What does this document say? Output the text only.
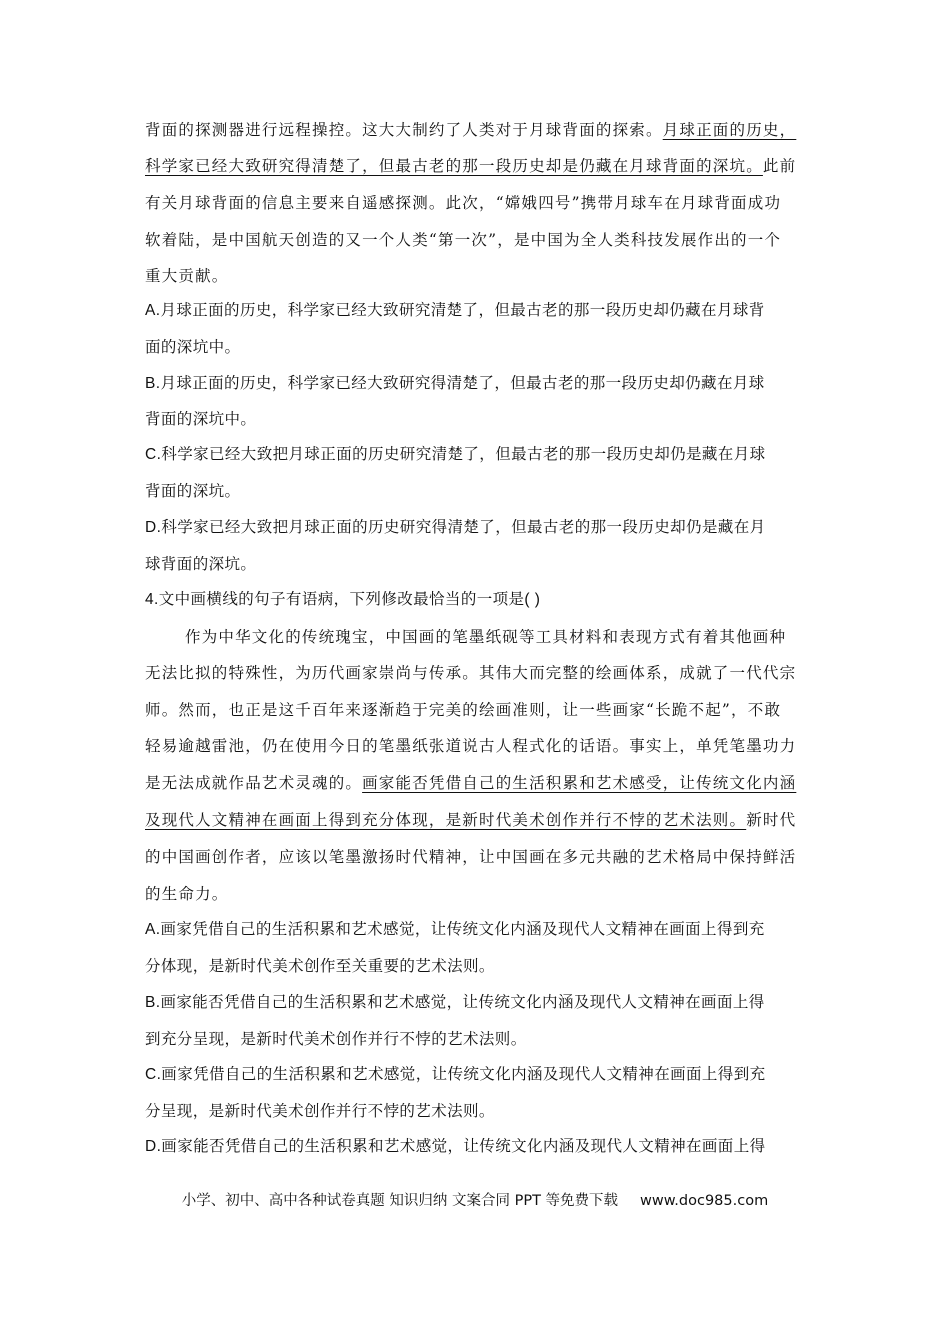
背面的探测器进行远程操控。这大大制约了人类对于月球背面的探索。月球正面的历史，
科学家已经大致研究得清楚了，但最古老的那一段历史却是仍藏在月球背面的深坑。此前
有关月球背面的信息主要来自遥感探测。此次，“嫦娥四号”携带月球车在月球背面成功
软着陆，是中国航天创造的又一个人类“第一次”，是中国为全人类科技发展作出的一个
重大贡献。
A.月球正面的历史，科学家已经大致研究清楚了，但最古老的那一段历史却仍藏在月球背
面的深坑中。
B.月球正面的历史，科学家已经大致研究得清楚了，但最古老的那一段历史却仍藏在月球
背面的深坑中。
C.科学家已经大致把月球正面的历史研究清楚了，但最古老的那一段历史却仍是藏在月球
背面的深坑。
D.科学家已经大致把月球正面的历史研究得清楚了，但最古老的那一段历史却仍是藏在月
球背面的深坑。
4.文中画横线的句子有语病，下列修改最恰当的一项是( )
作为中华文化的传统瑰宝，中国画的笔墨纸砚等工具材料和表现方式有着其他画种
无法比拟的特殊性，为历代画家崇尚与传承。其伟大而完整的绘画体系，成就了一代代宗
师。然而，也正是这千百年来逐渐趋于完美的绘画准则，让一些画家“长跪不起”，不敢
轻易逾越雷池，仍在使用今日的笔墨纸张道说古人程式化的话语。事实上，单凭笔墨功力
是无法成就作品艺术灵魂的。画家能否凭借自己的生活积累和艺术感受，让传统文化内涵
及现代人文精神在画面上得到充分体现，是新时代美术创作并行不悖的艺术法则。新时代
的中国画创作者，应该以笔墨激扬时代精神，让中国画在多元共融的艺术格局中保持鲜活
的生命力。
A.画家凭借自己的生活积累和艺术感觉，让传统文化内涵及现代人文精神在画面上得到充
分体现，是新时代美术创作至关重要的艺术法则。
B.画家能否凭借自己的生活积累和艺术感觉，让传统文化内涵及现代人文精神在画面上得
到充分呈现，是新时代美术创作并行不悖的艺术法则。
C.画家凭借自己的生活积累和艺术感觉，让传统文化内涵及现代人文精神在画面上得到充
分呈现，是新时代美术创作并行不悖的艺术法则。
D.画家能否凭借自己的生活积累和艺术感觉，让传统文化内涵及现代人文精神在画面上得
小学、初中、高中各种试卷真题 知识归纳 文案合同 PPT 等免费下载 www.doc985.com
